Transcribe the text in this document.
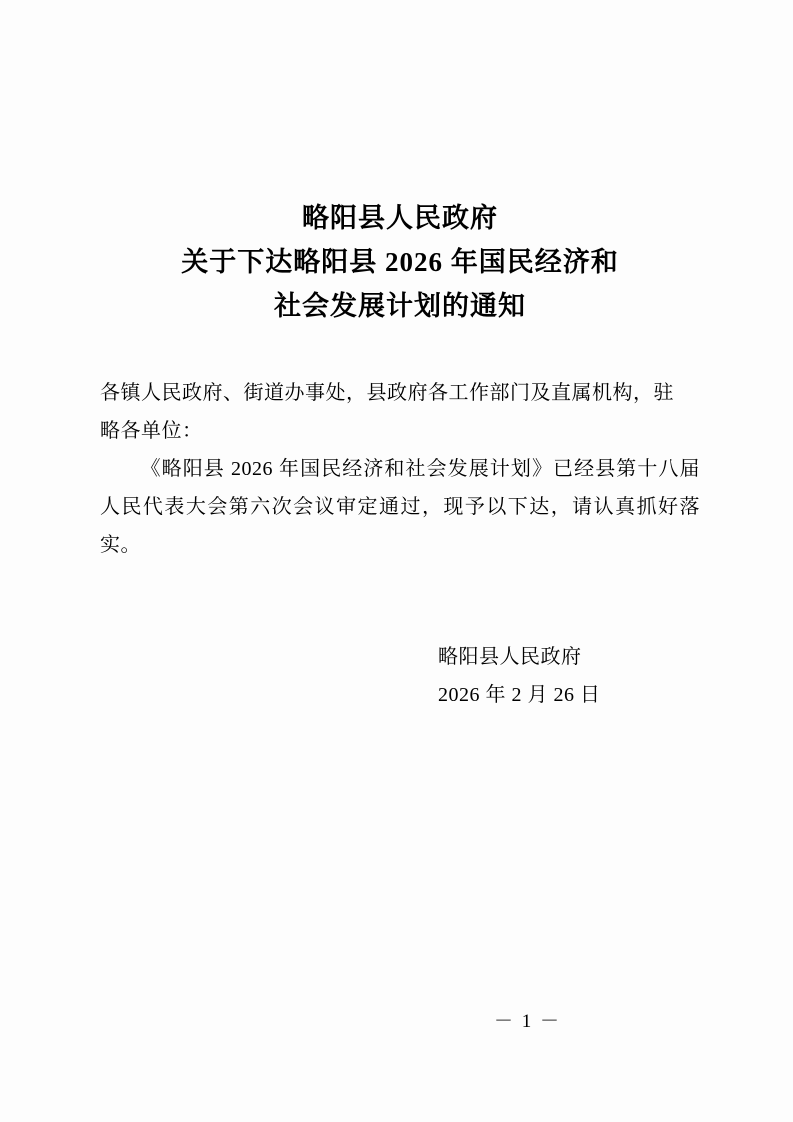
略阳县人民政府
关于下达略阳县 2026 年国民经济和
社会发展计划的通知
各镇人民政府、街道办事处，县政府各工作部门及直属机构，驻
略各单位：
《略阳县 2026 年国民经济和社会发展计划》已经县第十八届人民代表大会第六次会议审定通过，现予以下达，请认真抓好落实。
略阳县人民政府
2026 年 2 月 26 日
－ 1 －
